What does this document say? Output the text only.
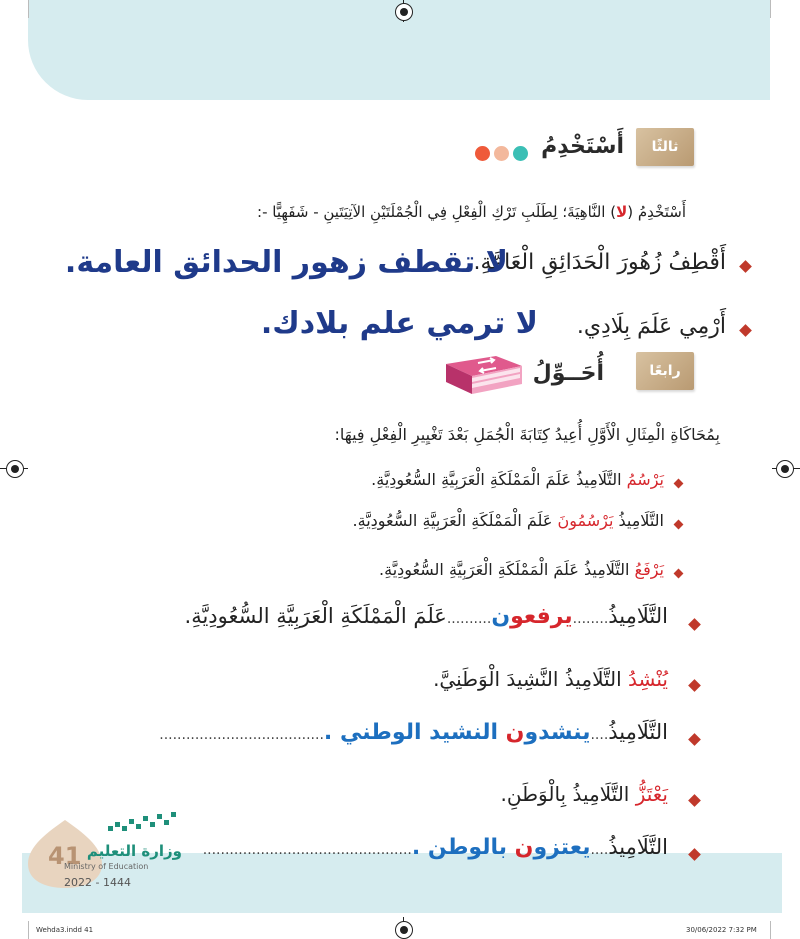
ثالثًا
أَسْتَخْدِمُ
أَسْتَخْدِمُ (لا) النَّاهِيَةَ؛ لِطَلَبِ تَرْكِ الْفِعْلِ فِي الْجُمْلَتَيْنِ الآتِيَتَينِ - شَفَهِيًّا -:
أَقْطِفُ زُهُورَ الْحَدَائِقِ الْعَامَّةِ.
لا تقطف زهور الحدائق العامة.
أَرْمِي عَلَمَ بِلَادِي.
لا ترمي علم بلادك.
رابعًا
أُحَــوِّلُ
بِمُحَاكَاةِ الْمِثَالِ الْأَوَّلِ أُعِيدُ كِتَابَةَ الْجُمَلِ بَعْدَ تَغْيِيرِ الْفِعْلِ فِيهَا:
يَرْسُمُ التَّلَامِيذُ عَلَمَ الْمَمْلَكَةِ الْعَرَبِيَّةِ السُّعُودِيَّةِ.
التَّلَامِيذُ يَرْسُمُونَ عَلَمَ الْمَمْلَكَةِ الْعَرَبِيَّةِ السُّعُودِيَّةِ.
يَرْفَعُ التَّلَامِيذُ عَلَمَ الْمَمْلَكَةِ الْعَرَبِيَّةِ السُّعُودِيَّةِ.
التَّلَامِيذُ........يرفعون..........عَلَمَ الْمَمْلَكَةِ الْعَرَبِيَّةِ السُّعُودِيَّةِ.
يُنْشِدُ التَّلَامِيذُ النَّشِيدَ الْوَطَنِيَّ.
التَّلَامِيذُ....ينشدون النشيد الوطني ......................................
يَعْتَزُّ التَّلَامِيذُ بِالْوَطَنِ.
التَّلَامِيذُ....يعتزون بالوطن ................................................
41 وزارة التعليم
Ministry of Education
2022 - 1444
Wehda3.indd 41	30/06/2022 7:32 PM
